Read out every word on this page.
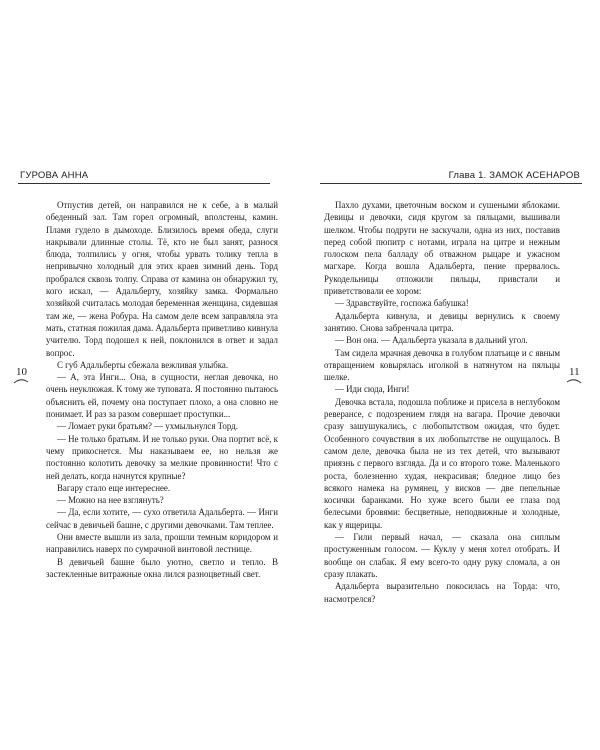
ГУРОВА АННА	Глава 1. ЗАМОК АСЕНАРОВ
10	11

Отпустив детей, он направился не к себе, а в малый обеденный зал. Там горел огромный, вполстены, камин. Пламя гудело в дымоходе. Близилось время обеда, слуги накрывали длинные столы. Тё, кто не был занят, разнося блюда, толпились у огня, чтобы урвать толику тепла в непривычно холодный для этих краев зимний день. Торд пробрался сквозь толпу. Справа от камина он обнаружил ту, кого искал, — Адальберту, хозяйку замка. Формально хозяйкой считалась молодая беременная женщина, сидевшая там же, — жена Робура. На самом деле всем заправляла эта мать, статная пожилая дама. Адальберта приветливо кивнула учителю. Торд подошел к ней, поклонился в ответ и задал вопрос.

С губ Адальберты сбежала вежливая улыбка.

— А, эта Инги... Она, в сущности, неглая девочка, но очень неуклюжая. К тому же туповата. Я постоянно пытаюсь объяснить ей, почему она поступает плохо, а она словно не понимает. И раз за разом совершает проступки...

— Ломает руки братьям? — ухмыльнулся Торд.

— Не только братьям. И не только руки. Она портит всё, к чему прикоснется. Мы наказываем ее, но нельзя же постоянно колотить девочку за мелкие провинности! Что с ней делать, когда начнутся крупные?

Вагару стало еще интереснее.

— Можно на нее взглянуть?

— Да, если хотите, — сухо ответила Адальберта. — Инги сейчас в девичьей башне, с другими девочками. Там теплее.

Они вместе вышли из зала, прошли темным коридором и направились наверх по сумрачной винтовой лестнице.

В девичьей башне было уютно, светло и тепло. В застекленные витражные окна лился разноцветный свет.

Пахло духами, цветочным воском и сушеными яблоками. Девицы и девочки, сидя кругом за пяльцами, вышивали шелком. Чтобы подруги не заскучали, одна из них, поставив перед собой пюпитр с нотами, играла на цитре и нежным голоском пела балладу об отважном рыцаре и ужасном магхаре. Когда вошла Адальберта, пение прервалось. Рукодельницы отложили пяльцы, привстали и приветствовали ее хором:

— Здравствуйте, госпожа бабушка!

Адальберта кивнула, и девицы вернулись к своему занятию. Снова забренчала цитра.

— Вон она. — Адальберта указала в дальний угол.

Там сидела мрачная девочка в голубом платьице и с явным отвращением ковырялась иголкой в натянутом на пяльцы шелке.

— Иди сюда, Инги!

Девочка встала, подошла поближе и присела в неглубоком реверансе, с подозрением глядя на вагара. Прочие девочки сразу зашушукались, с любопытством ожидая, что будет. Особенного сочувствия в их любопытстве не ощущалось. В самом деле, девочка была не из тех детей, что вызывают приязнь с первого взгляда. Да и со второго тоже. Маленького роста, болезненно худая, некрасивая; бледное лицо без всякого намека на румянец, у висков — две пепельные косички баранками. Но хуже всего были ее глаза под белесыми бровями: бесцветные, неподвижные и холодные, как у ящерицы.

— Гили первый начал, — сказала она сиплым простуженным голосом. — Куклу у меня хотел отобрать. И вообще он слабак. Я ему всего-то одну руку сломала, а он сразу плакать.

Адальберта выразительно покосилась на Торда: что, насмотрелся?
